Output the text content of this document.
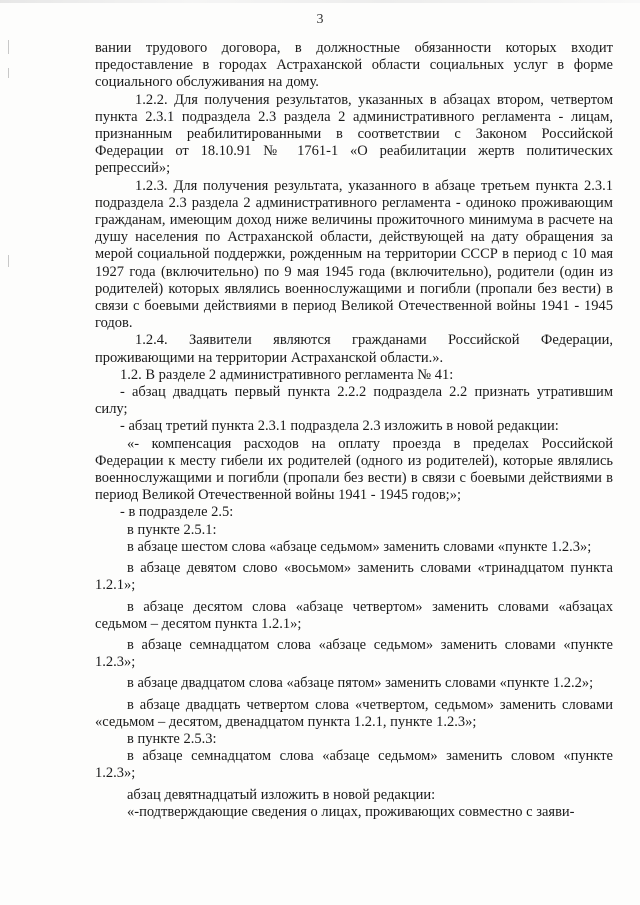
3

вании трудового договора, в должностные обязанности которых входит предоставление в городах Астраханской области социальных услуг в форме социального обслуживания на дому.

1.2.2. Для получения результатов, указанных в абзацах втором, четвертом пункта 2.3.1 подраздела 2.3 раздела 2 административного регламента - лицам, признанным реабилитированными в соответствии с Законом Российской Федерации от 18.10.91 № 1761-1 «О реабилитации жертв политических репрессий»;

1.2.3. Для получения результата, указанного в абзаце третьем пункта 2.3.1 подраздела 2.3 раздела 2 административного регламента - одиноко проживающим гражданам, имеющим доход ниже величины прожиточного минимума в расчете на душу населения по Астраханской области, действующей на дату обращения за мерой социальной поддержки, рожденным на территории СССР в период с 10 мая 1927 года (включительно) по 9 мая 1945 года (включительно), родители (один из родителей) которых являлись военнослужащими и погибли (пропали без вести) в связи с боевыми действиями в период Великой Отечественной войны 1941 - 1945 годов.

1.2.4. Заявители являются гражданами Российской Федерации, проживающими на территории Астраханской области.».

1.2. В разделе 2 административного регламента № 41:

- абзац двадцать первый пункта 2.2.2 подраздела 2.2 признать утратившим силу;

- абзац третий пункта 2.3.1 подраздела 2.3 изложить в новой редакции:

«- компенсация расходов на оплату проезда в пределах Российской Федерации к месту гибели их родителей (одного из родителей), которые являлись военнослужащими и погибли (пропали без вести) в связи с боевыми действиями в период Великой Отечественной войны 1941 - 1945 годов;»;

- в подразделе 2.5:

в пункте 2.5.1:

в абзаце шестом слова «абзаце седьмом» заменить словами «пункте 1.2.3»;

в абзаце девятом слово «восьмом» заменить словами «тринадцатом пункта 1.2.1»;

в абзаце десятом слова «абзаце четвертом» заменить словами «абзацах седьмом – десятом пункта 1.2.1»;

в абзаце семнадцатом слова «абзаце седьмом» заменить словами «пункте 1.2.3»;

в абзаце двадцатом слова «абзаце пятом» заменить словами «пункте 1.2.2»;

в абзаце двадцать четвертом слова «четвертом, седьмом» заменить словами «седьмом – десятом, двенадцатом пункта 1.2.1, пункте 1.2.3»;

в пункте 2.5.3:

в абзаце семнадцатом слова «абзаце седьмом» заменить словом «пункте 1.2.3»;

абзац девятнадцатый изложить в новой редакции:

«-подтверждающие сведения о лицах, проживающих совместно с заяви-
